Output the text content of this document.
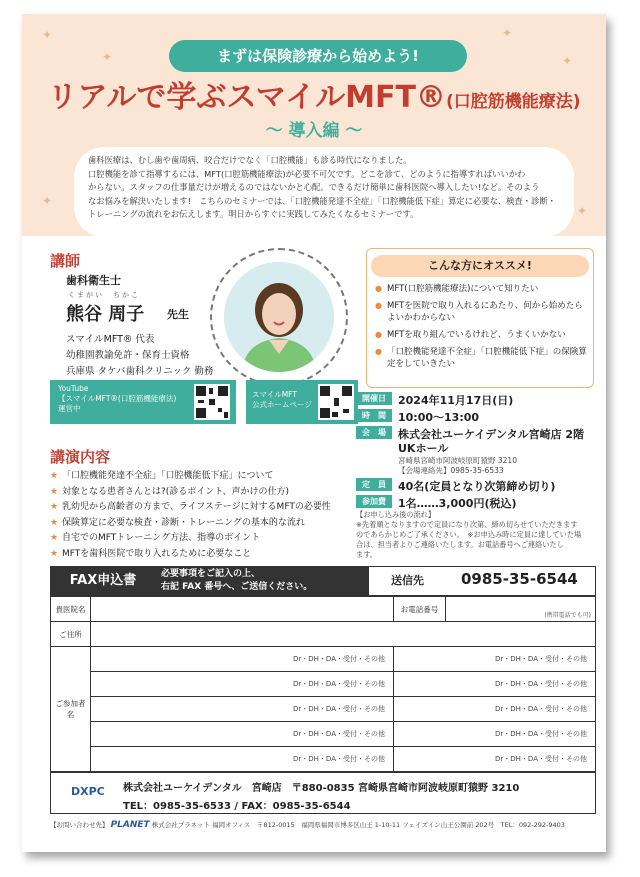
✦
✦
✦
✦
✦
✦
まずは保険診療から始めよう!
リアルで学ぶスマイルMFT®(口腔筋機能療法)
〜 導入編 〜
歯科医療は、むし歯や歯周病、咬合だけでなく「口腔機能」も診る時代になりました。
口腔機能を診て指導するには、MFT(口腔筋機能療法)が必要不可欠です。どこを診て、どのように指導すればいいかわ
からない。スタッフの仕事量だけが増えるのではないかと心配。できるだけ簡単に歯科医院へ導入したい!など。そのよう
なお悩みを解決いたします!　こちらのセミナーでは、「口腔機能発達不全症」「口腔機能低下症」算定に必要な、検査・診断・
トレーニングの流れをお伝えします。明日からすぐに実践してみたくなるセミナーです。
講師
歯科衛生士
くまがい　ちかこ
熊谷 周子 先生
スマイルMFT® 代表
幼稚園教諭免許・保育士資格
兵庫県 タケバ歯科クリニック 勤務
YouTube
【スマイルMFT®(口腔筋機能療法)
運営中
スマイルMFT
公式ホームページ
こんな方にオススメ!
● MFT(口腔筋機能療法)について知りたい
● MFTを医院で取り入れるにあたり、何から始めたらよいかわからない
● MFTを取り組んでいるけれど、うまくいかない
● 「口腔機能発達不全症」「口腔機能低下症」の保険算定をしていきたい
開催日	2024年11月17日(日)
時　間	10:00〜13:00
会　場	株式会社ユーケイデンタル宮崎店 2階
UKホール
宮崎県宮崎市阿波岐原町猿野 3210
【会場連絡先】0985-35-6533
定　員	40名(定員となり次第締め切り)
参加費	1名……3,000円(税込)
【お申し込み後の流れ】
※先着順となりますので定員になり次第、締め切らせていただきます
のであらかじめご了承ください。　※お申込み時に定員に達していた場
合は、担当者よりご連絡いたします。お電話番号へご連絡いたし
ます。
講演内容
★ 「口腔機能発達不全症」「口腔機能低下症」について
★ 対象となる患者さんとは?(診るポイント、声かけの仕方)
★ 乳幼児から高齢者の方まで、ライフステージに対するMFTの必要性
★ 保険算定に必要な検査・診断・トレーニングの基本的な流れ
★ 自宅でのMFTトレーニング方法、指導のポイント
★ MFTを歯科医院で取り入れるために必要なこと
FAX申込書	必要事項をご記入の上、
右記 FAX 番号へ、ご送信ください。	送信先 0985-35-6544
貴医院名		お電話番号	(携帯電話でも可)
ご住所			
ご参加者名	Dr・DH・DA・受付・その他	Dr・DH・DA・受付・その他	
	Dr・DH・DA・受付・その他	Dr・DH・DA・受付・その他	
	Dr・DH・DA・受付・その他	Dr・DH・DA・受付・その他	
	Dr・DH・DA・受付・その他	Dr・DH・DA・受付・その他	
	Dr・DH・DA・受付・その他	Dr・DH・DA・受付・その他	
DXPC 株式会社ユーケイデンタル　宮崎店　〒880-0835 宮崎県宮崎市阿波岐原町猿野 3210
TEL：0985-35-6533 / FAX：0985-35-6544
【お問い合わせ先】 PLANET 株式会社プラネット 福岡オフィス　〒812-0015　福岡県福岡市博多区山王 1-10-11 フェイズイン山王公園前 202号　TEL：092-292-9403
